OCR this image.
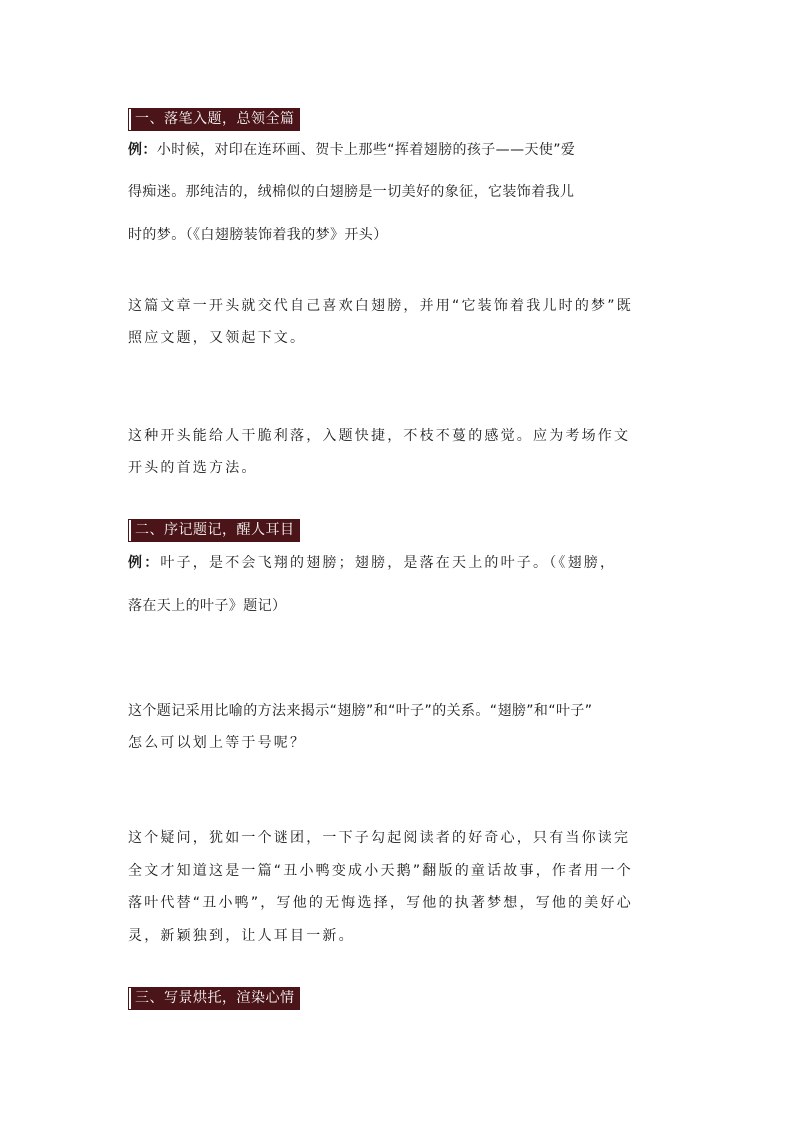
一、落笔入题，总领全篇
例：小时候，对印在连环画、贺卡上那些“挥着翅膀的孩子——天使”爱
得痴迷。那纯洁的，绒棉似的白翅膀是一切美好的象征，它装饰着我儿
时的梦。（《白翅膀装饰着我的梦》开头）
这篇文章一开头就交代自己喜欢白翅膀，并用“它装饰着我儿时的梦”既
照应文题，又领起下文。
这种开头能给人干脆利落，入题快捷，不枝不蔓的感觉。应为考场作文
开头的首选方法。
二、序记题记，醒人耳目
例：叶子，是不会飞翔的翅膀；翅膀，是落在天上的叶子。（《翅膀，
落在天上的叶子》题记）
这个题记采用比喻的方法来揭示“翅膀”和“叶子”的关系。“翅膀”和“叶子”
怎么可以划上等于号呢？
这个疑问，犹如一个谜团，一下子勾起阅读者的好奇心，只有当你读完
全文才知道这是一篇“丑小鸭变成小天鹅”翻版的童话故事，作者用一个
落叶代替“丑小鸭”，写他的无悔选择，写他的执著梦想，写他的美好心
灵，新颖独到，让人耳目一新。
三、写景烘托，渲染心情
